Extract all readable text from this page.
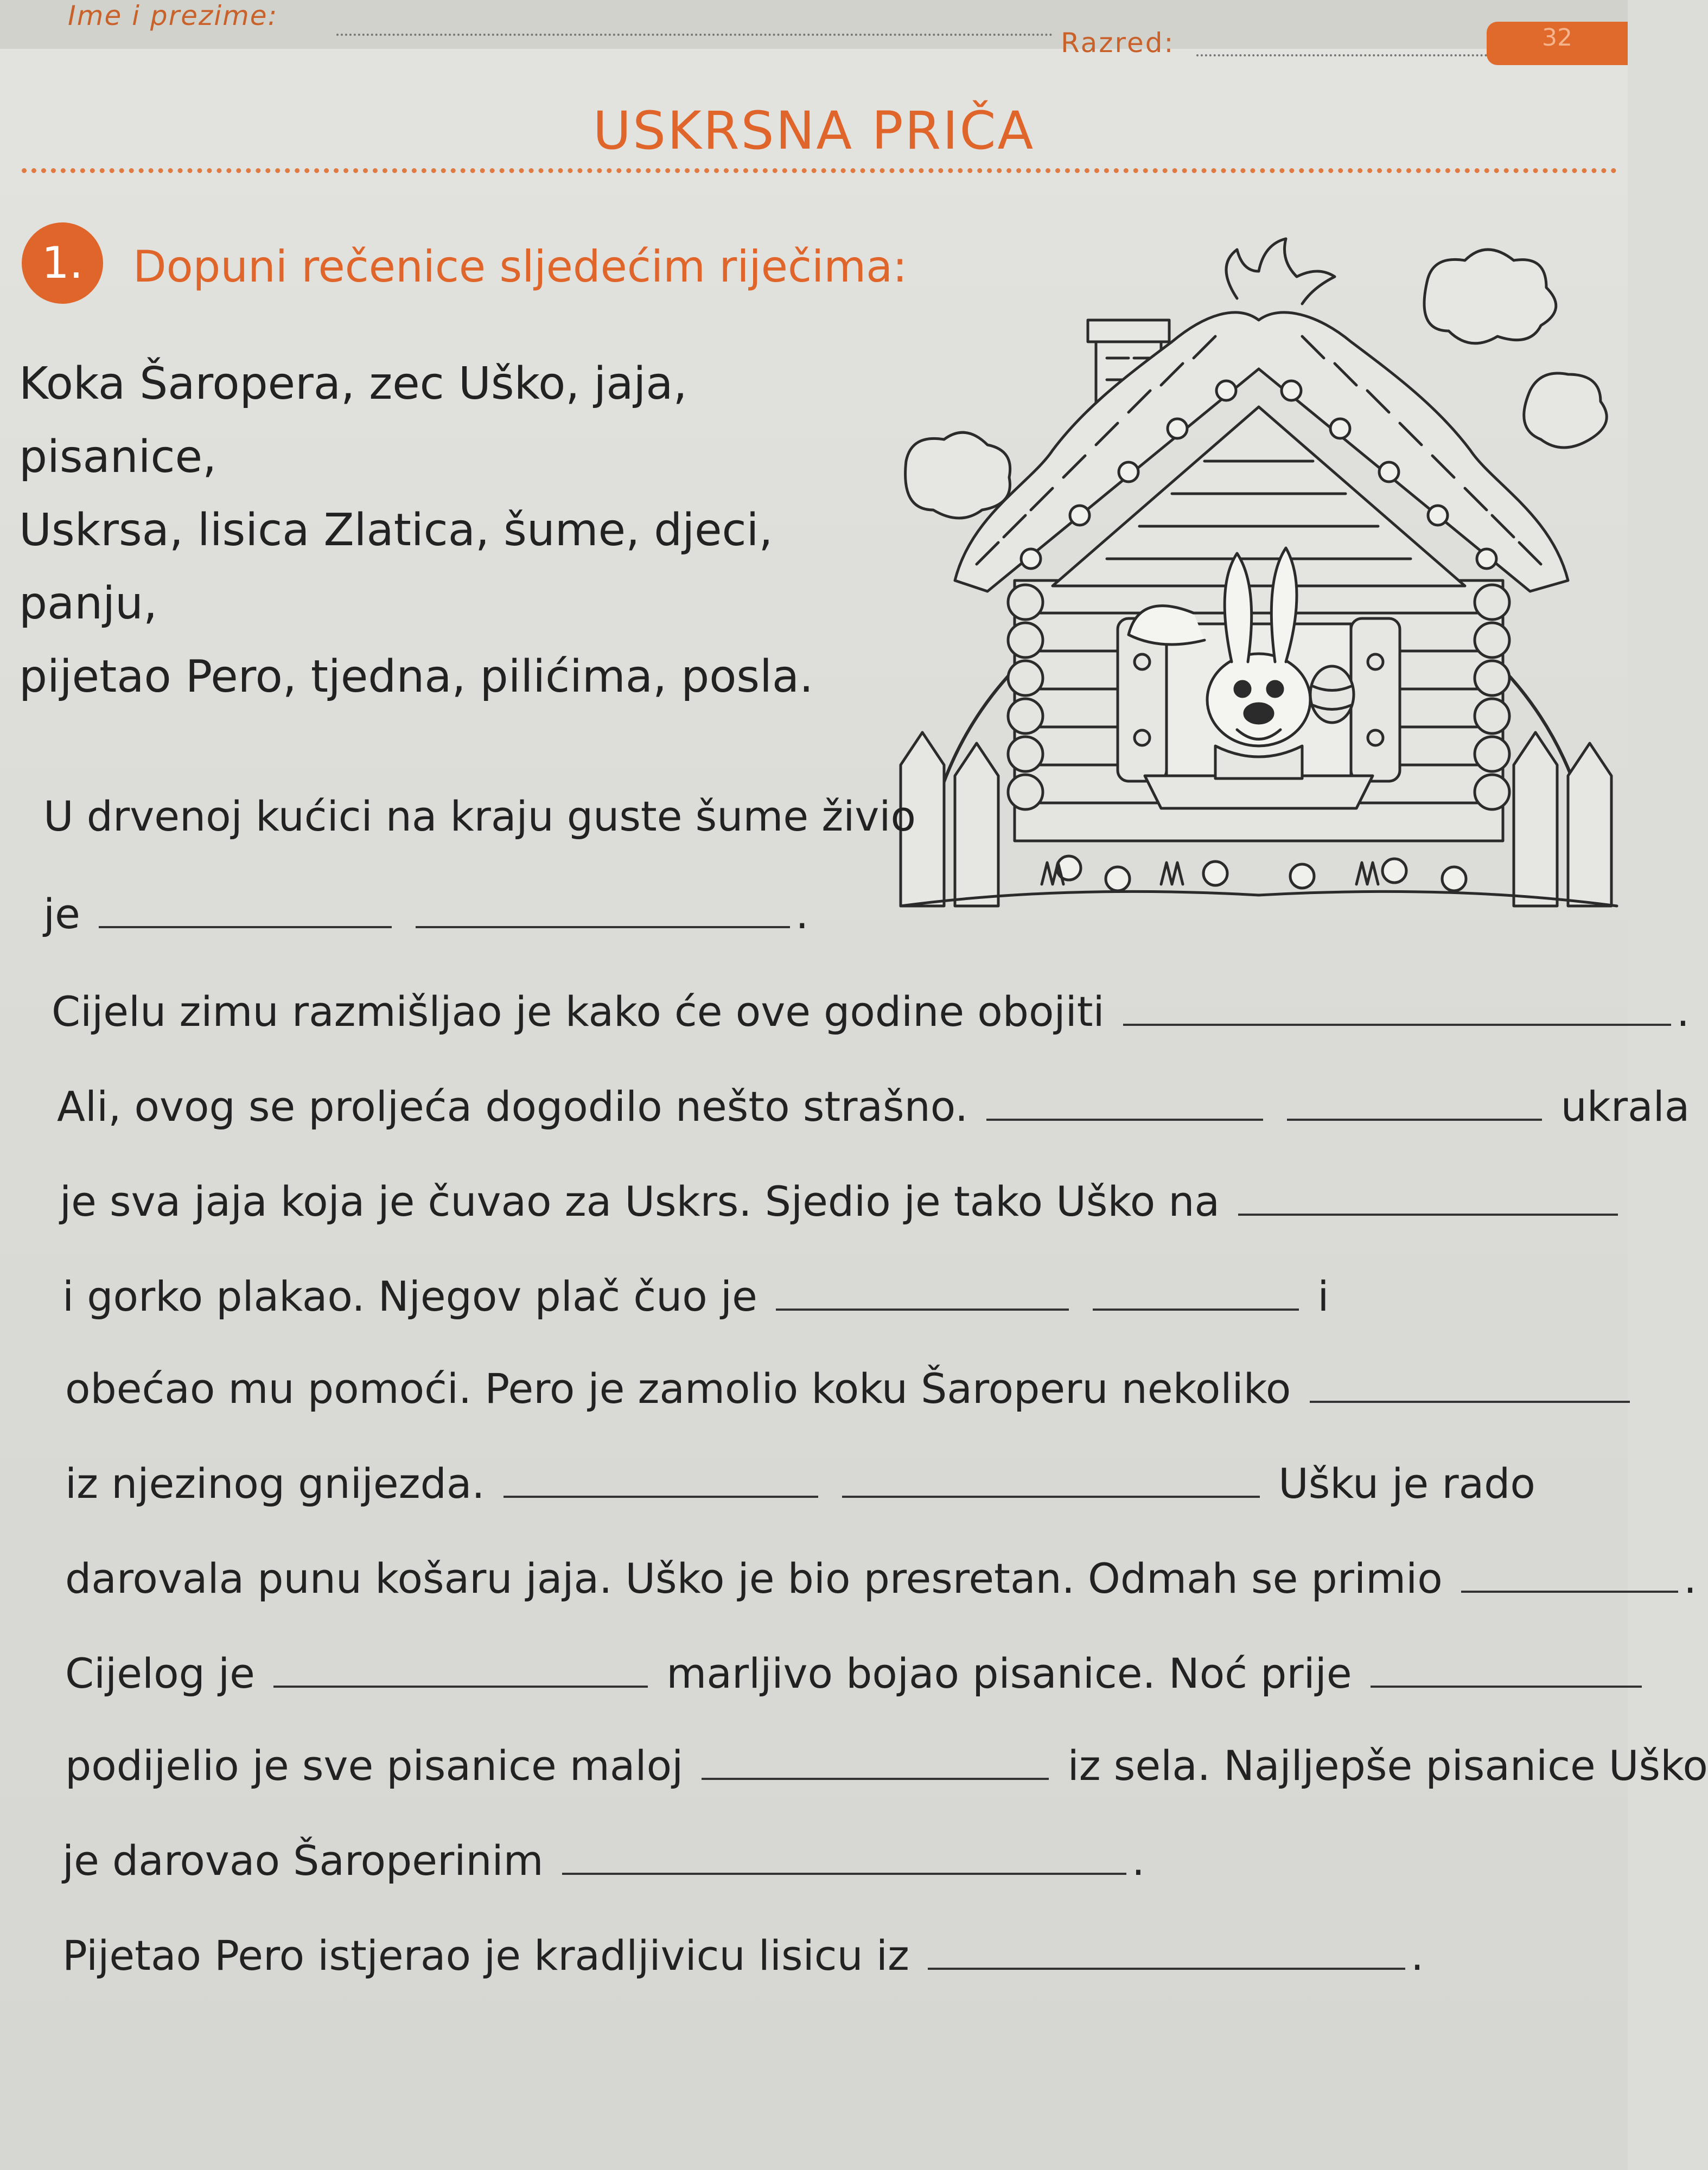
Ime i prezime:
Razred:	32
USKRSNA PRIČA
1.	Dopuni rečenice sljedećim riječima:
Koka Šaropera, zec Uško, jaja, pisanice,
Uskrsa, lisica Zlatica, šume, djeci, panju,
pijetao Pero, tjedna, pilićima, posla.
U drvenoj kućici na kraju guste šume živio
je	.
Cijelu zimu razmišljao je kako će ove godine obojiti	.
Ali, ovog se proljeća dogodilo nešto strašno.	ukrala
je sva jaja koja je čuvao za Uskrs. Sjedio je tako Uško na
i gorko plakao. Njegov plač čuo je	i
obećao mu pomoći. Pero je zamolio koku Šaroperu nekoliko
iz njezinog gnijezda.	Ušku je rado
darovala punu košaru jaja. Uško je bio presretan. Odmah se primio	.
Cijelog je	marljivo bojao pisanice. Noć prije
podijelio je sve pisanice maloj	iz sela. Najljepše pisanice Uško
je darovao Šaroperinim	.
Pijetao Pero istjerao je kradljivicu lisicu iz	.
